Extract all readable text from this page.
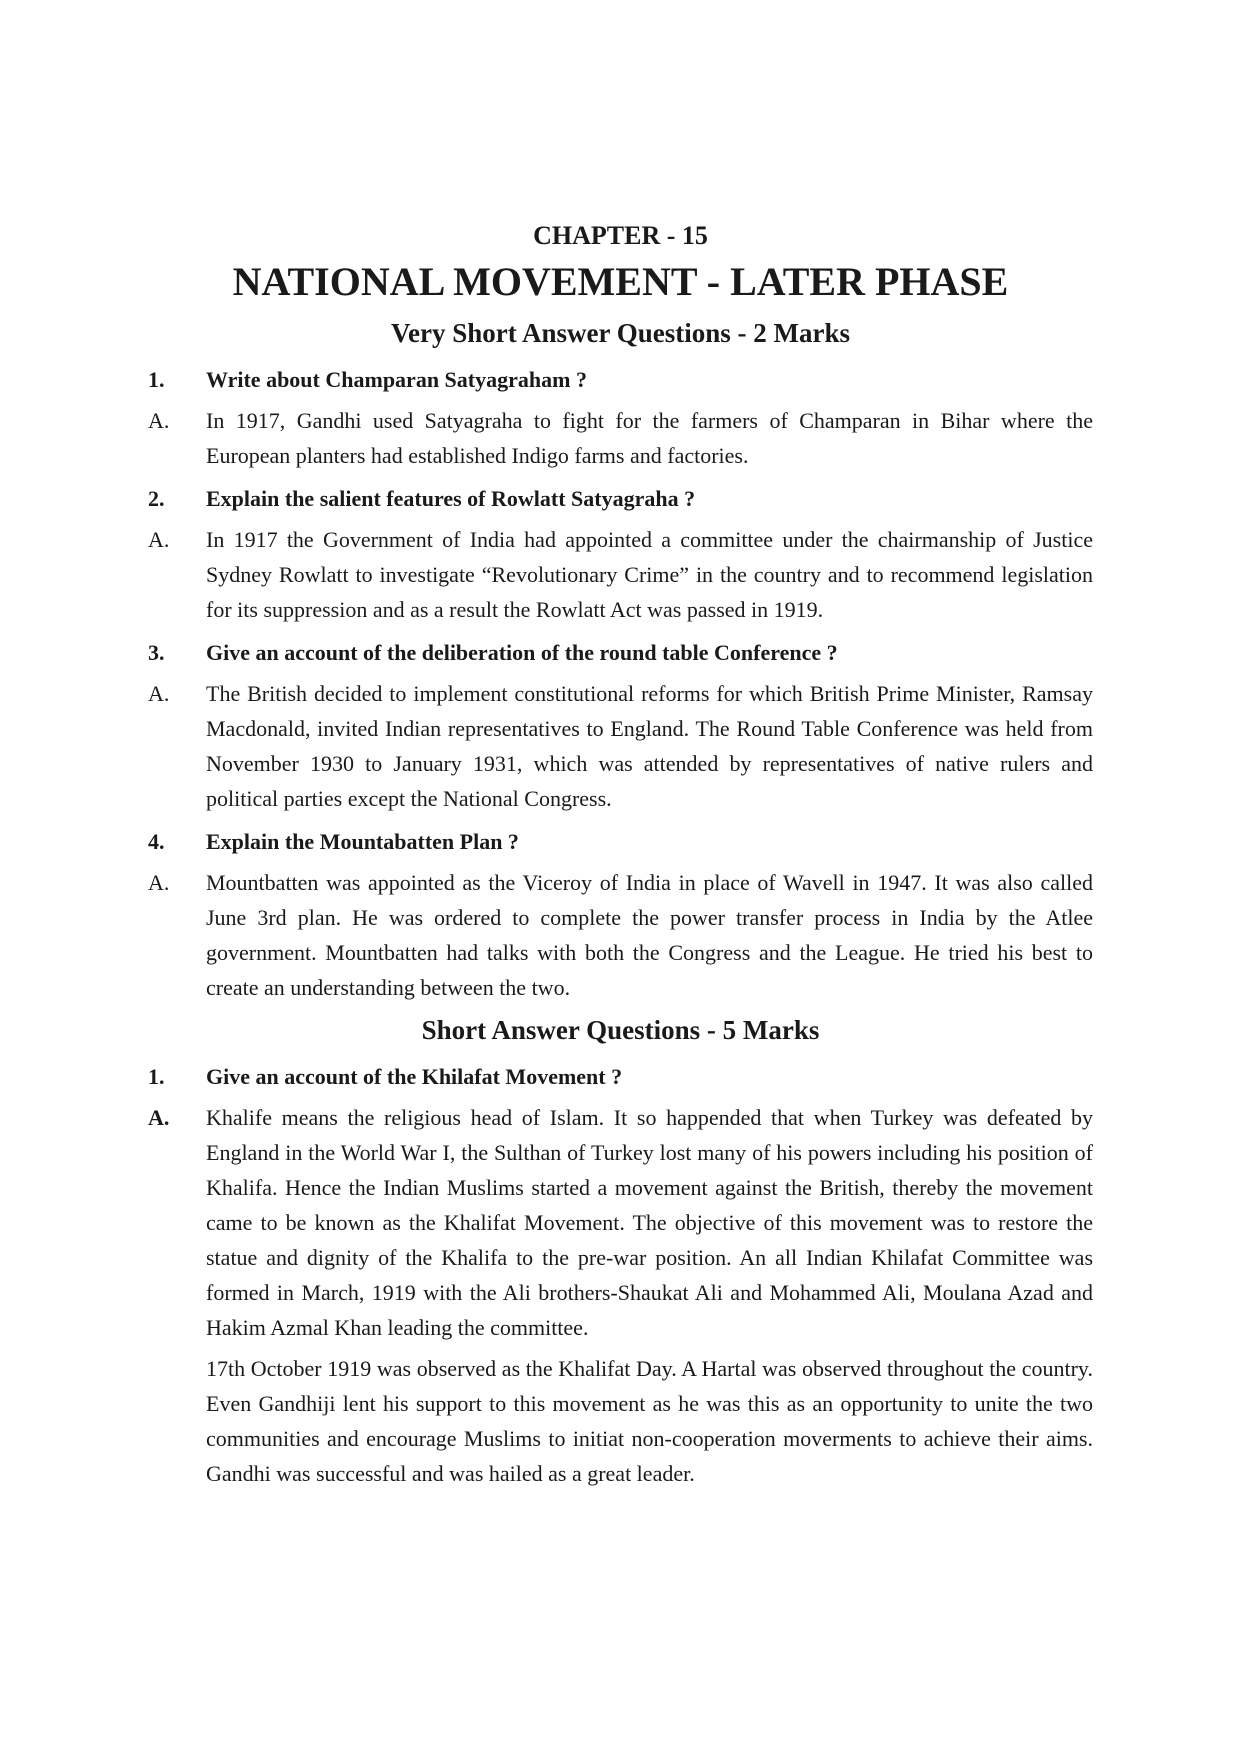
CHAPTER - 15
NATIONAL MOVEMENT - LATER PHASE
Very Short Answer Questions - 2 Marks
1.	Write about Champaran Satyagraham ?
A.	In 1917, Gandhi used Satyagraha to fight for the farmers of Champaran in Bihar where the European planters had established Indigo farms and factories.
2.	Explain the salient features of Rowlatt Satyagraha ?
A.	In 1917 the Government of India had appointed a committee under the chairmanship of Justice Sydney Rowlatt to investigate “Revolutionary Crime” in the country and to recommend legislation for its suppression and as a result the Rowlatt Act was passed in 1919.
3.	Give an account of the deliberation of the round table Conference ?
A.	The British decided to implement constitutional reforms for which British Prime Minister, Ramsay Macdonald, invited Indian representatives to England. The Round Table Conference was held from November 1930 to January 1931, which was attended by representatives of native rulers and political parties except the National Congress.
4.	Explain the Mountabatten Plan ?
A.	Mountbatten was appointed as the Viceroy of India in place of Wavell in 1947. It was also called June 3rd plan. He was ordered to complete the power transfer process in India by the Atlee government. Mountbatten had talks with both the Congress and the League. He tried his best to create an understanding between the two.
Short Answer Questions - 5 Marks
1.	Give an account of the Khilafat Movement ?
A.	Khalife means the religious head of Islam. It so happended that when Turkey was defeated by England in the World War I, the Sulthan of Turkey lost many of his powers including his position of Khalifa. Hence the Indian Muslims started a movement against the British, thereby the movement came to be known as the Khalifat Movement. The objective of this movement was to restore the statue and dignity of the Khalifa to the pre-war position. An all Indian Khilafat Committee was formed in March, 1919 with the Ali brothers-Shaukat Ali and Mohammed Ali, Moulana Azad and Hakim Azmal Khan leading the committee.
17th October 1919 was observed as the Khalifat Day. A Hartal was observed throughout the country. Even Gandhiji lent his support to this movement as he was this as an opportunity to unite the two communities and encourage Muslims to initiat non-cooperation moverments to achieve their aims. Gandhi was successful and was hailed as a great leader.
